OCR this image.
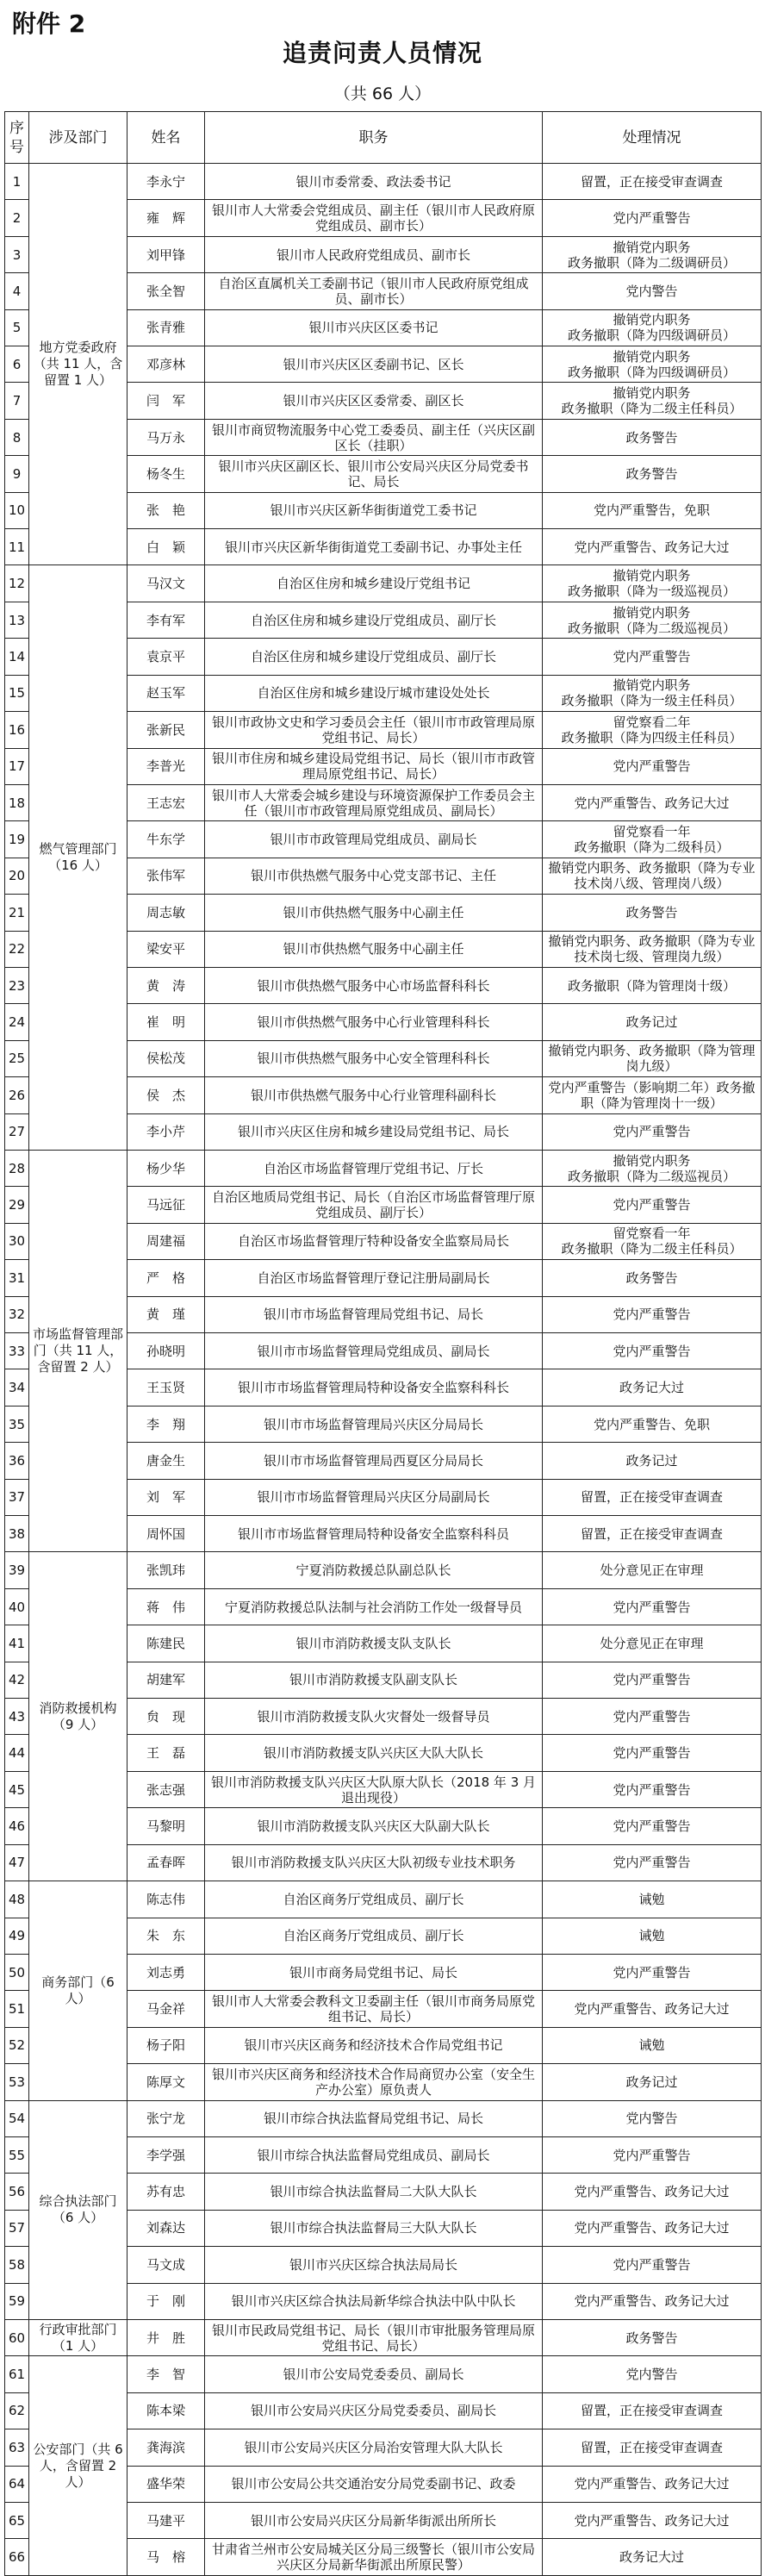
附件 2
追责问责人员情况
（共 66 人）
序号	涉及部门	姓名	职务	处理情况
1	地方党委政府（共 11 人，含留置 1 人）	李永宁	银川市委常委、政法委书记	留置，正在接受审查调查
2		雍　辉	银川市人大常委会党组成员、副主任（银川市人民政府原党组成员、副市长）	党内严重警告
3		刘甲锋	银川市人民政府党组成员、副市长	撤销党内职务
政务撤职（降为二级调研员）
4		张全智	自治区直属机关工委副书记（银川市人民政府原党组成员、副市长）	党内警告
5		张青雅	银川市兴庆区区委书记	撤销党内职务
政务撤职（降为四级调研员）
6		邓彦林	银川市兴庆区区委副书记、区长	撤销党内职务
政务撤职（降为四级调研员）
7		闫　军	银川市兴庆区区委常委、副区长	撤销党内职务
政务撤职（降为二级主任科员）
8		马万永	银川市商贸物流服务中心党工委委员、副主任（兴庆区副区长（挂职）	政务警告
9		杨冬生	银川市兴庆区副区长、银川市公安局兴庆区分局党委书记、局长	政务警告
10		张　艳	银川市兴庆区新华街街道党工委书记	党内严重警告，免职
11		白　颖	银川市兴庆区新华街街道党工委副书记、办事处主任	党内严重警告、政务记大过
12	燃气管理部门（16 人）	马汉文	自治区住房和城乡建设厅党组书记	撤销党内职务
政务撤职（降为一级巡视员）
13		李有军	自治区住房和城乡建设厅党组成员、副厅长	撤销党内职务
政务撤职（降为二级巡视员）
14		袁京平	自治区住房和城乡建设厅党组成员、副厅长	党内严重警告
15		赵玉军	自治区住房和城乡建设厅城市建设处处长	撤销党内职务
政务撤职（降为一级主任科员）
16		张新民	银川市政协文史和学习委员会主任（银川市市政管理局原党组书记、局长）	留党察看二年
政务撤职（降为四级主任科员）
17		李普光	银川市住房和城乡建设局党组书记、局长（银川市市政管理局原党组书记、局长）	党内严重警告
18		王志宏	银川市人大常委会城乡建设与环境资源保护工作委员会主任（银川市市政管理局原党组成员、副局长）	党内严重警告、政务记大过
19		牛东学	银川市市政管理局党组成员、副局长	留党察看一年
政务撤职（降为二级科员）
20		张伟军	银川市供热燃气服务中心党支部书记、主任	撤销党内职务、政务撤职（降为专业技术岗八级、管理岗八级）
21		周志敏	银川市供热燃气服务中心副主任	政务警告
22		梁安平	银川市供热燃气服务中心副主任	撤销党内职务、政务撤职（降为专业技术岗七级、管理岗九级）
23		黄　涛	银川市供热燃气服务中心市场监督科科长	政务撤职（降为管理岗十级）
24		崔　明	银川市供热燃气服务中心行业管理科科长	政务记过
25		侯松茂	银川市供热燃气服务中心安全管理科科长	撤销党内职务、政务撤职（降为管理岗九级）
26		侯　杰	银川市供热燃气服务中心行业管理科副科长	党内严重警告（影响期二年）政务撤职（降为管理岗十一级）
27		李小芹	银川市兴庆区住房和城乡建设局党组书记、局长	党内严重警告
28	市场监督管理部门（共 11 人，含留置 2 人）	杨少华	自治区市场监督管理厅党组书记、厅长	撤销党内职务
政务撤职（降为二级巡视员）
29		马远征	自治区地质局党组书记、局长（自治区市场监督管理厅原党组成员、副厅长）	党内严重警告
30		周建福	自治区市场监督管理厅特种设备安全监察局局长	留党察看一年
政务撤职（降为二级主任科员）
31		严　格	自治区市场监督管理厅登记注册局副局长	政务警告
32		黄　瑾	银川市市场监督管理局党组书记、局长	党内严重警告
33		孙晓明	银川市市场监督管理局党组成员、副局长	党内严重警告
34		王玉贤	银川市市场监督管理局特种设备安全监察科科长	政务记大过
35		李　翔	银川市市场监督管理局兴庆区分局局长	党内严重警告、免职
36		唐金生	银川市市场监督管理局西夏区分局局长	政务记过
37		刘　军	银川市市场监督管理局兴庆区分局副局长	留置，正在接受审查调查
38		周怀国	银川市市场监督管理局特种设备安全监察科科员	留置，正在接受审查调查
39	消防救援机构（9 人）	张凯玮	宁夏消防救援总队副总队长	处分意见正在审理
40		蒋　伟	宁夏消防救援总队法制与社会消防工作处一级督导员	党内严重警告
41		陈建民	银川市消防救援支队支队长	处分意见正在审理
42		胡建军	银川市消防救援支队副支队长	党内严重警告
43		贠　现	银川市消防救援支队火灾督处一级督导员	党内严重警告
44		王　磊	银川市消防救援支队兴庆区大队大队长	党内严重警告
45		张志强	银川市消防救援支队兴庆区大队原大队长（2018 年 3 月退出现役）	党内严重警告
46		马黎明	银川市消防救援支队兴庆区大队副大队长	党内严重警告
47		孟春晖	银川市消防救援支队兴庆区大队初级专业技术职务	党内严重警告
48	商务部门（6 人）	陈志伟	自治区商务厅党组成员、副厅长	诫勉
49		朱　东	自治区商务厅党组成员、副厅长	诫勉
50		刘志勇	银川市商务局党组书记、局长	党内严重警告
51		马金祥	银川市人大常委会教科文卫委副主任（银川市商务局原党组书记、局长）	党内严重警告、政务记大过
52		杨子阳	银川市兴庆区商务和经济技术合作局党组书记	诫勉
53		陈厚文	银川市兴庆区商务和经济技术合作局商贸办公室（安全生产办公室）原负责人	政务记过
54	综合执法部门（6 人）	张宁龙	银川市综合执法监督局党组书记、局长	党内警告
55		李学强	银川市综合执法监督局党组成员、副局长	党内严重警告
56		苏有忠	银川市综合执法监督局二大队大队长	党内严重警告、政务记大过
57		刘森达	银川市综合执法监督局三大队大队长	党内严重警告、政务记大过
58		马文成	银川市兴庆区综合执法局局长	党内严重警告
59		于　刚	银川市兴庆区综合执法局新华综合执法中队中队长	党内严重警告、政务记大过
60	行政审批部门（1 人）	井　胜	银川市民政局党组书记、局长（银川市审批服务管理局原党组书记、局长）	政务警告
61	公安部门（共 6 人，含留置 2 人）	李　智	银川市公安局党委委员、副局长	党内警告
62		陈本梁	银川市公安局兴庆区分局党委委员、副局长	留置，正在接受审查调查
63		龚海滨	银川市公安局兴庆区分局治安管理大队大队长	留置，正在接受审查调查
64		盛华荣	银川市公安局公共交通治安分局党委副书记、政委	党内严重警告、政务记大过
65		马建平	银川市公安局兴庆区分局新华街派出所所长	党内严重警告、政务记大过
66		马　榕	甘肃省兰州市公安局城关区分局三级警长（银川市公安局兴庆区分局新华街派出所原民警）	政务记大过
